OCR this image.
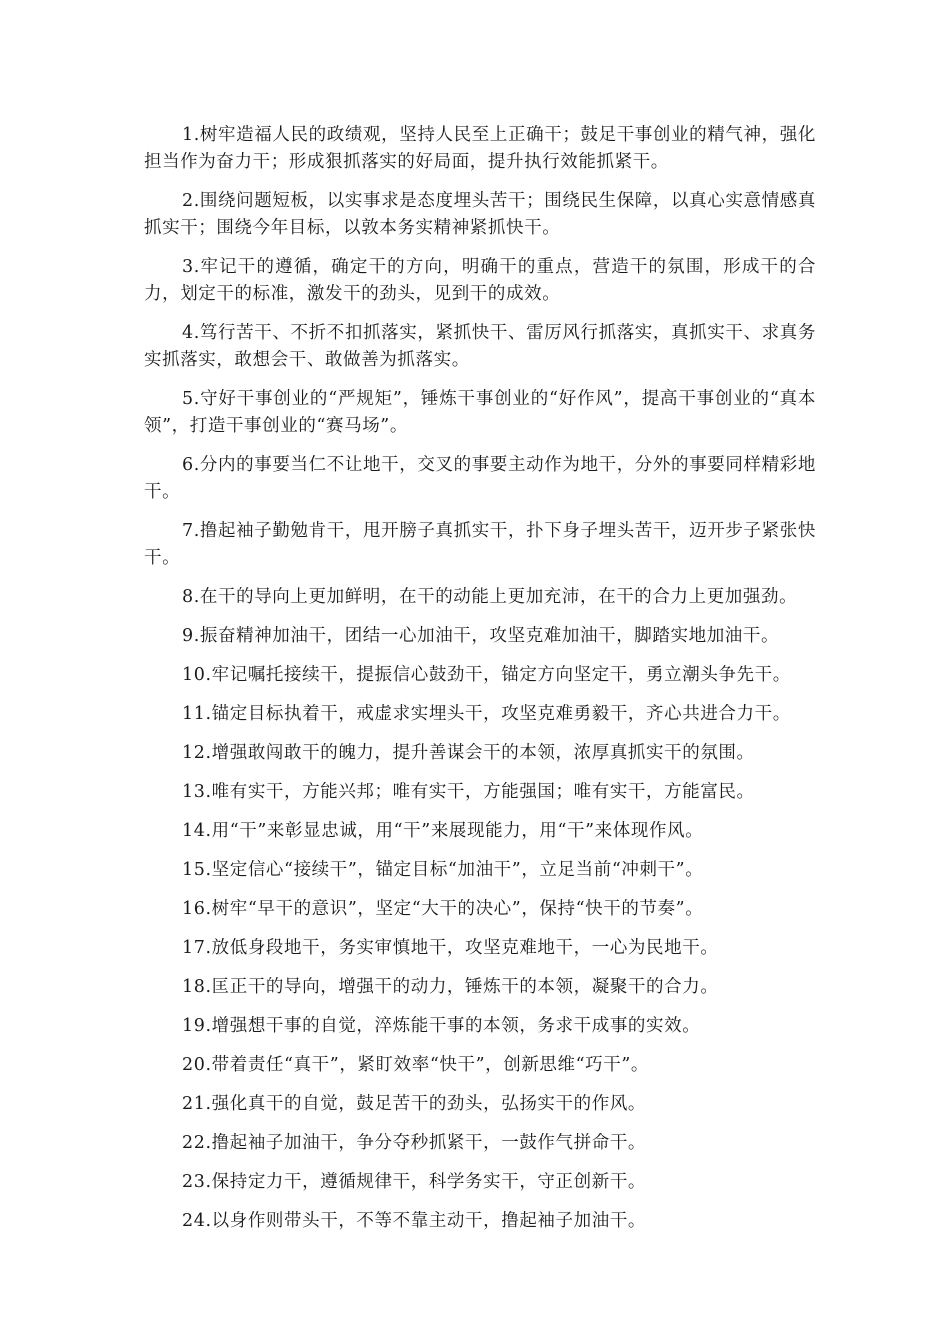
1.树牢造福人民的政绩观，坚持人民至上正确干；鼓足干事创业的精气神，强化担当作为奋力干；形成狠抓落实的好局面，提升执行效能抓紧干。

2.围绕问题短板，以实事求是态度埋头苦干；围绕民生保障，以真心实意情感真抓实干；围绕今年目标，以敦本务实精神紧抓快干。

3.牢记干的遵循，确定干的方向，明确干的重点，营造干的氛围，形成干的合力，划定干的标准，激发干的劲头，见到干的成效。

4.笃行苦干、不折不扣抓落实，紧抓快干、雷厉风行抓落实，真抓实干、求真务实抓落实，敢想会干、敢做善为抓落实。

5.守好干事创业的“严规矩”，锤炼干事创业的“好作风”，提高干事创业的“真本领”，打造干事创业的“赛马场”。

6.分内的事要当仁不让地干，交叉的事要主动作为地干，分外的事要同样精彩地干。

7.撸起袖子勤勉肯干，甩开膀子真抓实干，扑下身子埋头苦干，迈开步子紧张快干。

8.在干的导向上更加鲜明，在干的动能上更加充沛，在干的合力上更加强劲。

9.振奋精神加油干，团结一心加油干，攻坚克难加油干，脚踏实地加油干。

10.牢记嘱托接续干，提振信心鼓劲干，锚定方向坚定干，勇立潮头争先干。

11.锚定目标执着干，戒虚求实埋头干，攻坚克难勇毅干，齐心共进合力干。

12.增强敢闯敢干的魄力，提升善谋会干的本领，浓厚真抓实干的氛围。

13.唯有实干，方能兴邦；唯有实干，方能强国；唯有实干，方能富民。

14.用“干”来彰显忠诚，用“干”来展现能力，用“干”来体现作风。

15.坚定信心“接续干”，锚定目标“加油干”，立足当前“冲刺干”。

16.树牢“早干的意识”，坚定“大干的决心”，保持“快干的节奏”。

17.放低身段地干，务实审慎地干，攻坚克难地干，一心为民地干。

18.匡正干的导向，增强干的动力，锤炼干的本领，凝聚干的合力。

19.增强想干事的自觉，淬炼能干事的本领，务求干成事的实效。

20.带着责任“真干”，紧盯效率“快干”，创新思维“巧干”。

21.强化真干的自觉，鼓足苦干的劲头，弘扬实干的作风。

22.撸起袖子加油干，争分夺秒抓紧干，一鼓作气拼命干。

23.保持定力干，遵循规律干，科学务实干，守正创新干。

24.以身作则带头干，不等不靠主动干，撸起袖子加油干。
